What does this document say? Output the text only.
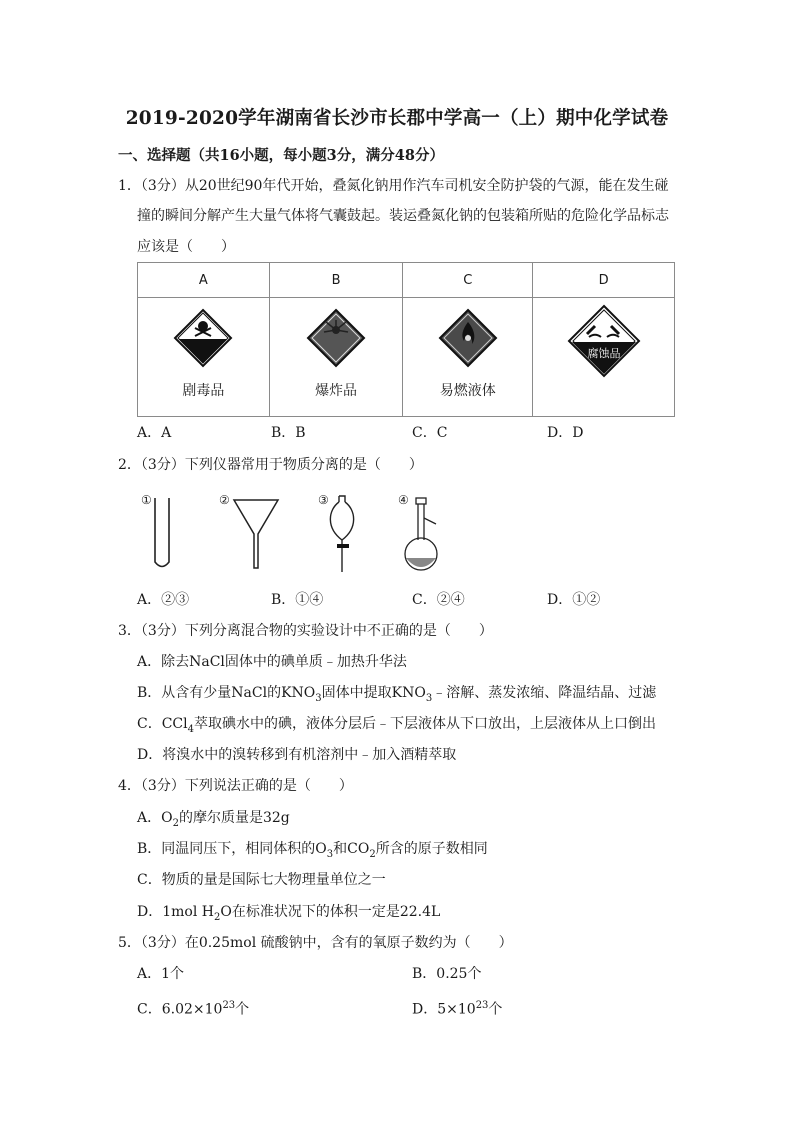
2019-2020学年湖南省长沙市长郡中学高一（上）期中化学试卷
一、选择题（共16小题，每小题3分，满分48分）
1．（3分）从20世纪90年代开始，叠氮化钠用作汽车司机安全防护袋的气源，能在发生碰
撞的瞬间分解产生大量气体将气囊鼓起。装运叠氮化钠的包装箱所贴的危险化学品标志
应该是（　　）
A	B	C	D

剧毒品	爆炸品	易燃液体	腐蚀品
A．A	B．B	C．C	D．D
2．（3分）下列仪器常用于物质分离的是（　　）
①	②	③	④
A．②③	B．①④	C．②④	D．①②
3．（3分）下列分离混合物的实验设计中不正确的是（　　）
A．除去NaCl固体中的碘单质﹣加热升华法
B．从含有少量NaCl的$KNO_3$固体中提取$KNO_3﹣$溶解、蒸发浓缩、降温结晶、过滤
C．CCl$_4$萃取碘水中的碘，液体分层后﹣下层液体从下口放出，上层液体从上口倒出
D．将溴水中的溴转移到有机溶剂中﹣加入酒精萃取
4．（3分）下列说法正确的是（　　）
A．$O_2$的摩尔质量是32g
B．同温同压下，相同体积的$O_3$和$CO_2$所含的原子数相同
C．物质的量是国际七大物理量单位之一
D．1mol $H_2O$在标准状况下的体积一定是22.4L
5．（3分）在0.25mol 硫酸钠中，含有的氧原子数约为（　　）
A．1个	B．0.25个
C．$6.02\times 10^{23}$个	D．$5\times 10^{23}$个
